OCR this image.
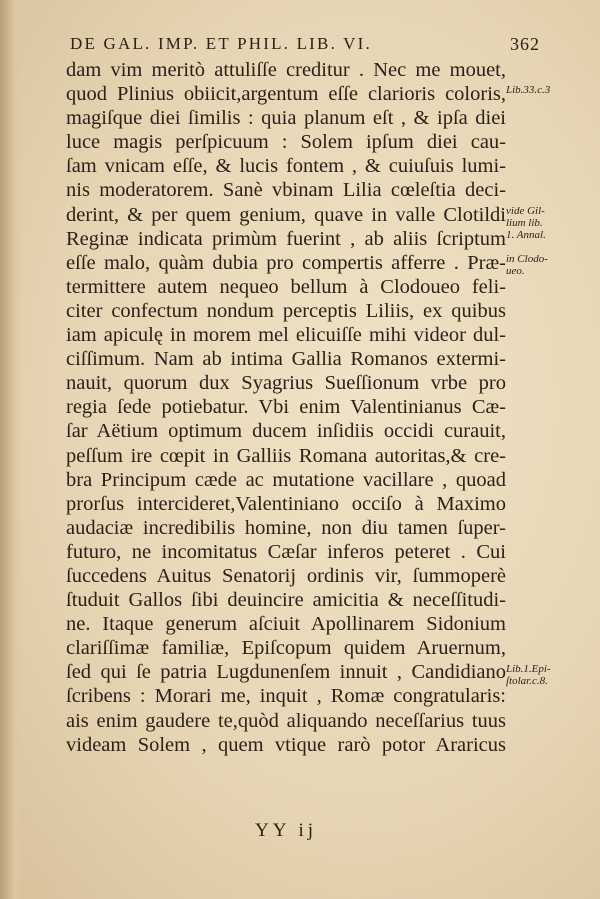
DE GAL. IMP. ET PHIL. LIB. VI.	362
dam vim meritò attuliſſe creditur . Nec me mouet,
quod Plinius obiicit,argentum eſſe clarioris coloris,
magiſque diei ſimilis : quia planum eſt , & ipſa diei
luce magis perſpicuum : Solem ipſum diei cau-
ſam vnicam eſſe, & lucis fontem , & cuiuſuis lumi-
nis moderatorem. Sanè vbinam Lilia cœleſtia deci-
derint, & per quem genium, quave in valle Clotildi
Reginæ indicata primùm fuerint , ab aliis ſcriptum
eſſe malo, quàm dubia pro compertis afferre . Præ-
termittere autem nequeo bellum à Clodoueo feli-
citer confectum nondum perceptis Liliis, ex quibus
iam apiculę in morem mel elicuiſſe mihi videor dul-
ciſſimum. Nam ab intima Gallia Romanos extermi-
nauit, quorum dux Syagrius Sueſſionum vrbe pro
regia ſede potiebatur. Vbi enim Valentinianus Cæ-
ſar Aëtium optimum ducem inſidiis occidi curauit,
peſſum ire cœpit in Galliis Romana autoritas,& cre-
bra Principum cæde ac mutatione vacillare , quoad
prorſus intercideret,Valentiniano occiſo à Maximo
audaciæ incredibilis homine, non diu tamen ſuper-
futuro, ne incomitatus Cæſar inferos peteret . Cui
ſuccedens Auitus Senatorij ordinis vir, ſummoperè
ſtuduit Gallos ſibi deuincire amicitia & neceſſitudi-
ne. Itaque generum aſciuit Apollinarem Sidonium
clariſſimæ familiæ, Epiſcopum quidem Aruernum,
ſed qui ſe patria Lugdunenſem innuit , Candidiano
ſcribens : Morari me, inquit , Romæ congratularis:
ais enim gaudere te,quòd aliquando neceſſarius tuus
videam Solem , quem vtique rarò potor Araricus
Lib.33.c.3
vide Gil-
lium lib.
1. Annal.
in Clodo-
ueo.
Lib.1.Epi-
ſtolar.c.8.
YY ij
